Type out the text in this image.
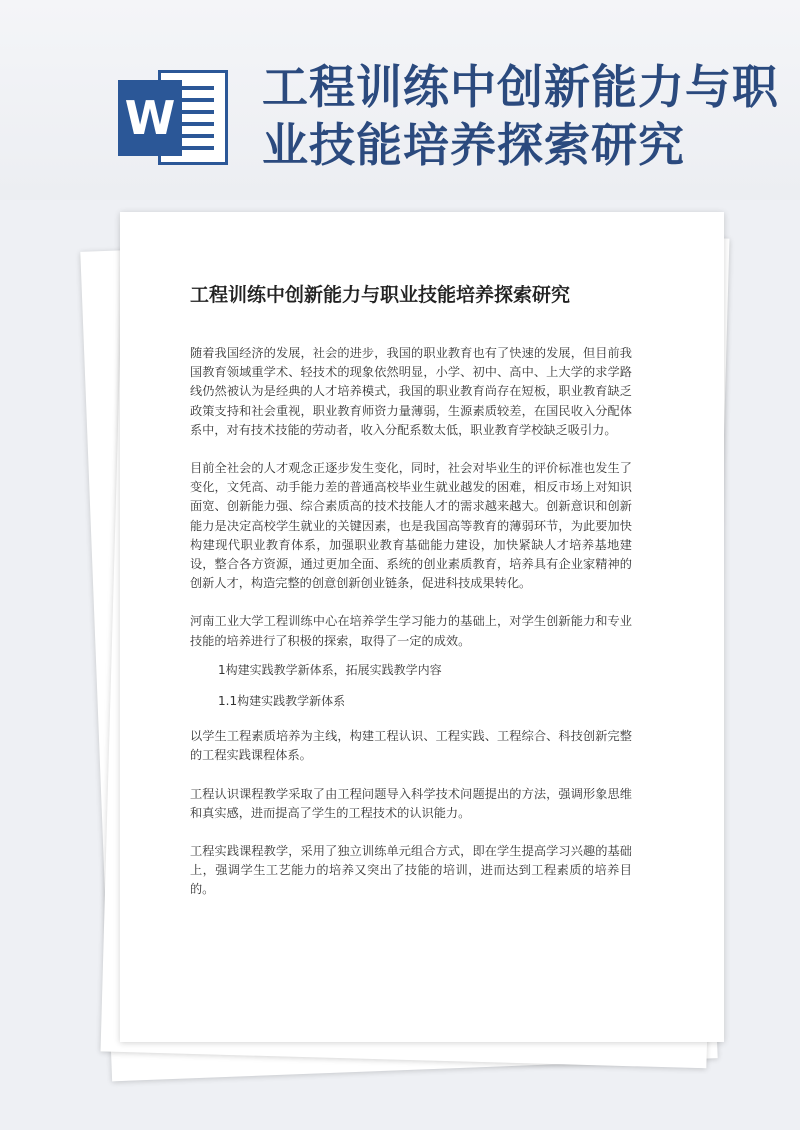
W
工程训练中创新能力与职业技能培养探索研究
工程训练中创新能力与职业技能培养探索研究

随着我国经济的发展，社会的进步，我国的职业教育也有了快速的发展，但目前我国教育领域重学术、轻技术的现象依然明显，小学、初中、高中、上大学的求学路线仍然被认为是经典的人才培养模式，我国的职业教育尚存在短板，职业教育缺乏政策支持和社会重视，职业教育师资力量薄弱，生源素质较差，在国民收入分配体系中，对有技术技能的劳动者，收入分配系数太低，职业教育学校缺乏吸引力。

目前全社会的人才观念正逐步发生变化，同时，社会对毕业生的评价标准也发生了变化，文凭高、动手能力差的普通高校毕业生就业越发的困难，相反市场上对知识面宽、创新能力强、综合素质高的技术技能人才的需求越来越大。创新意识和创新能力是决定高校学生就业的关键因素，也是我国高等教育的薄弱环节，为此要加快构建现代职业教育体系，加强职业教育基础能力建设，加快紧缺人才培养基地建设，整合各方资源，通过更加全面、系统的创业素质教育，培养具有企业家精神的创新人才，构造完整的创意创新创业链条，促进科技成果转化。

河南工业大学工程训练中心在培养学生学习能力的基础上，对学生创新能力和专业技能的培养进行了积极的探索，取得了一定的成效。

1构建实践教学新体系，拓展实践教学内容

1.1构建实践教学新体系

以学生工程素质培养为主线，构建工程认识、工程实践、工程综合、科技创新完整的工程实践课程体系。

工程认识课程教学采取了由工程问题导入科学技术问题提出的方法，强调形象思维和真实感，进而提高了学生的工程技术的认识能力。

工程实践课程教学，采用了独立训练单元组合方式，即在学生提高学习兴趣的基础上，强调学生工艺能力的培养又突出了技能的培训，进而达到工程素质的培养目的。
